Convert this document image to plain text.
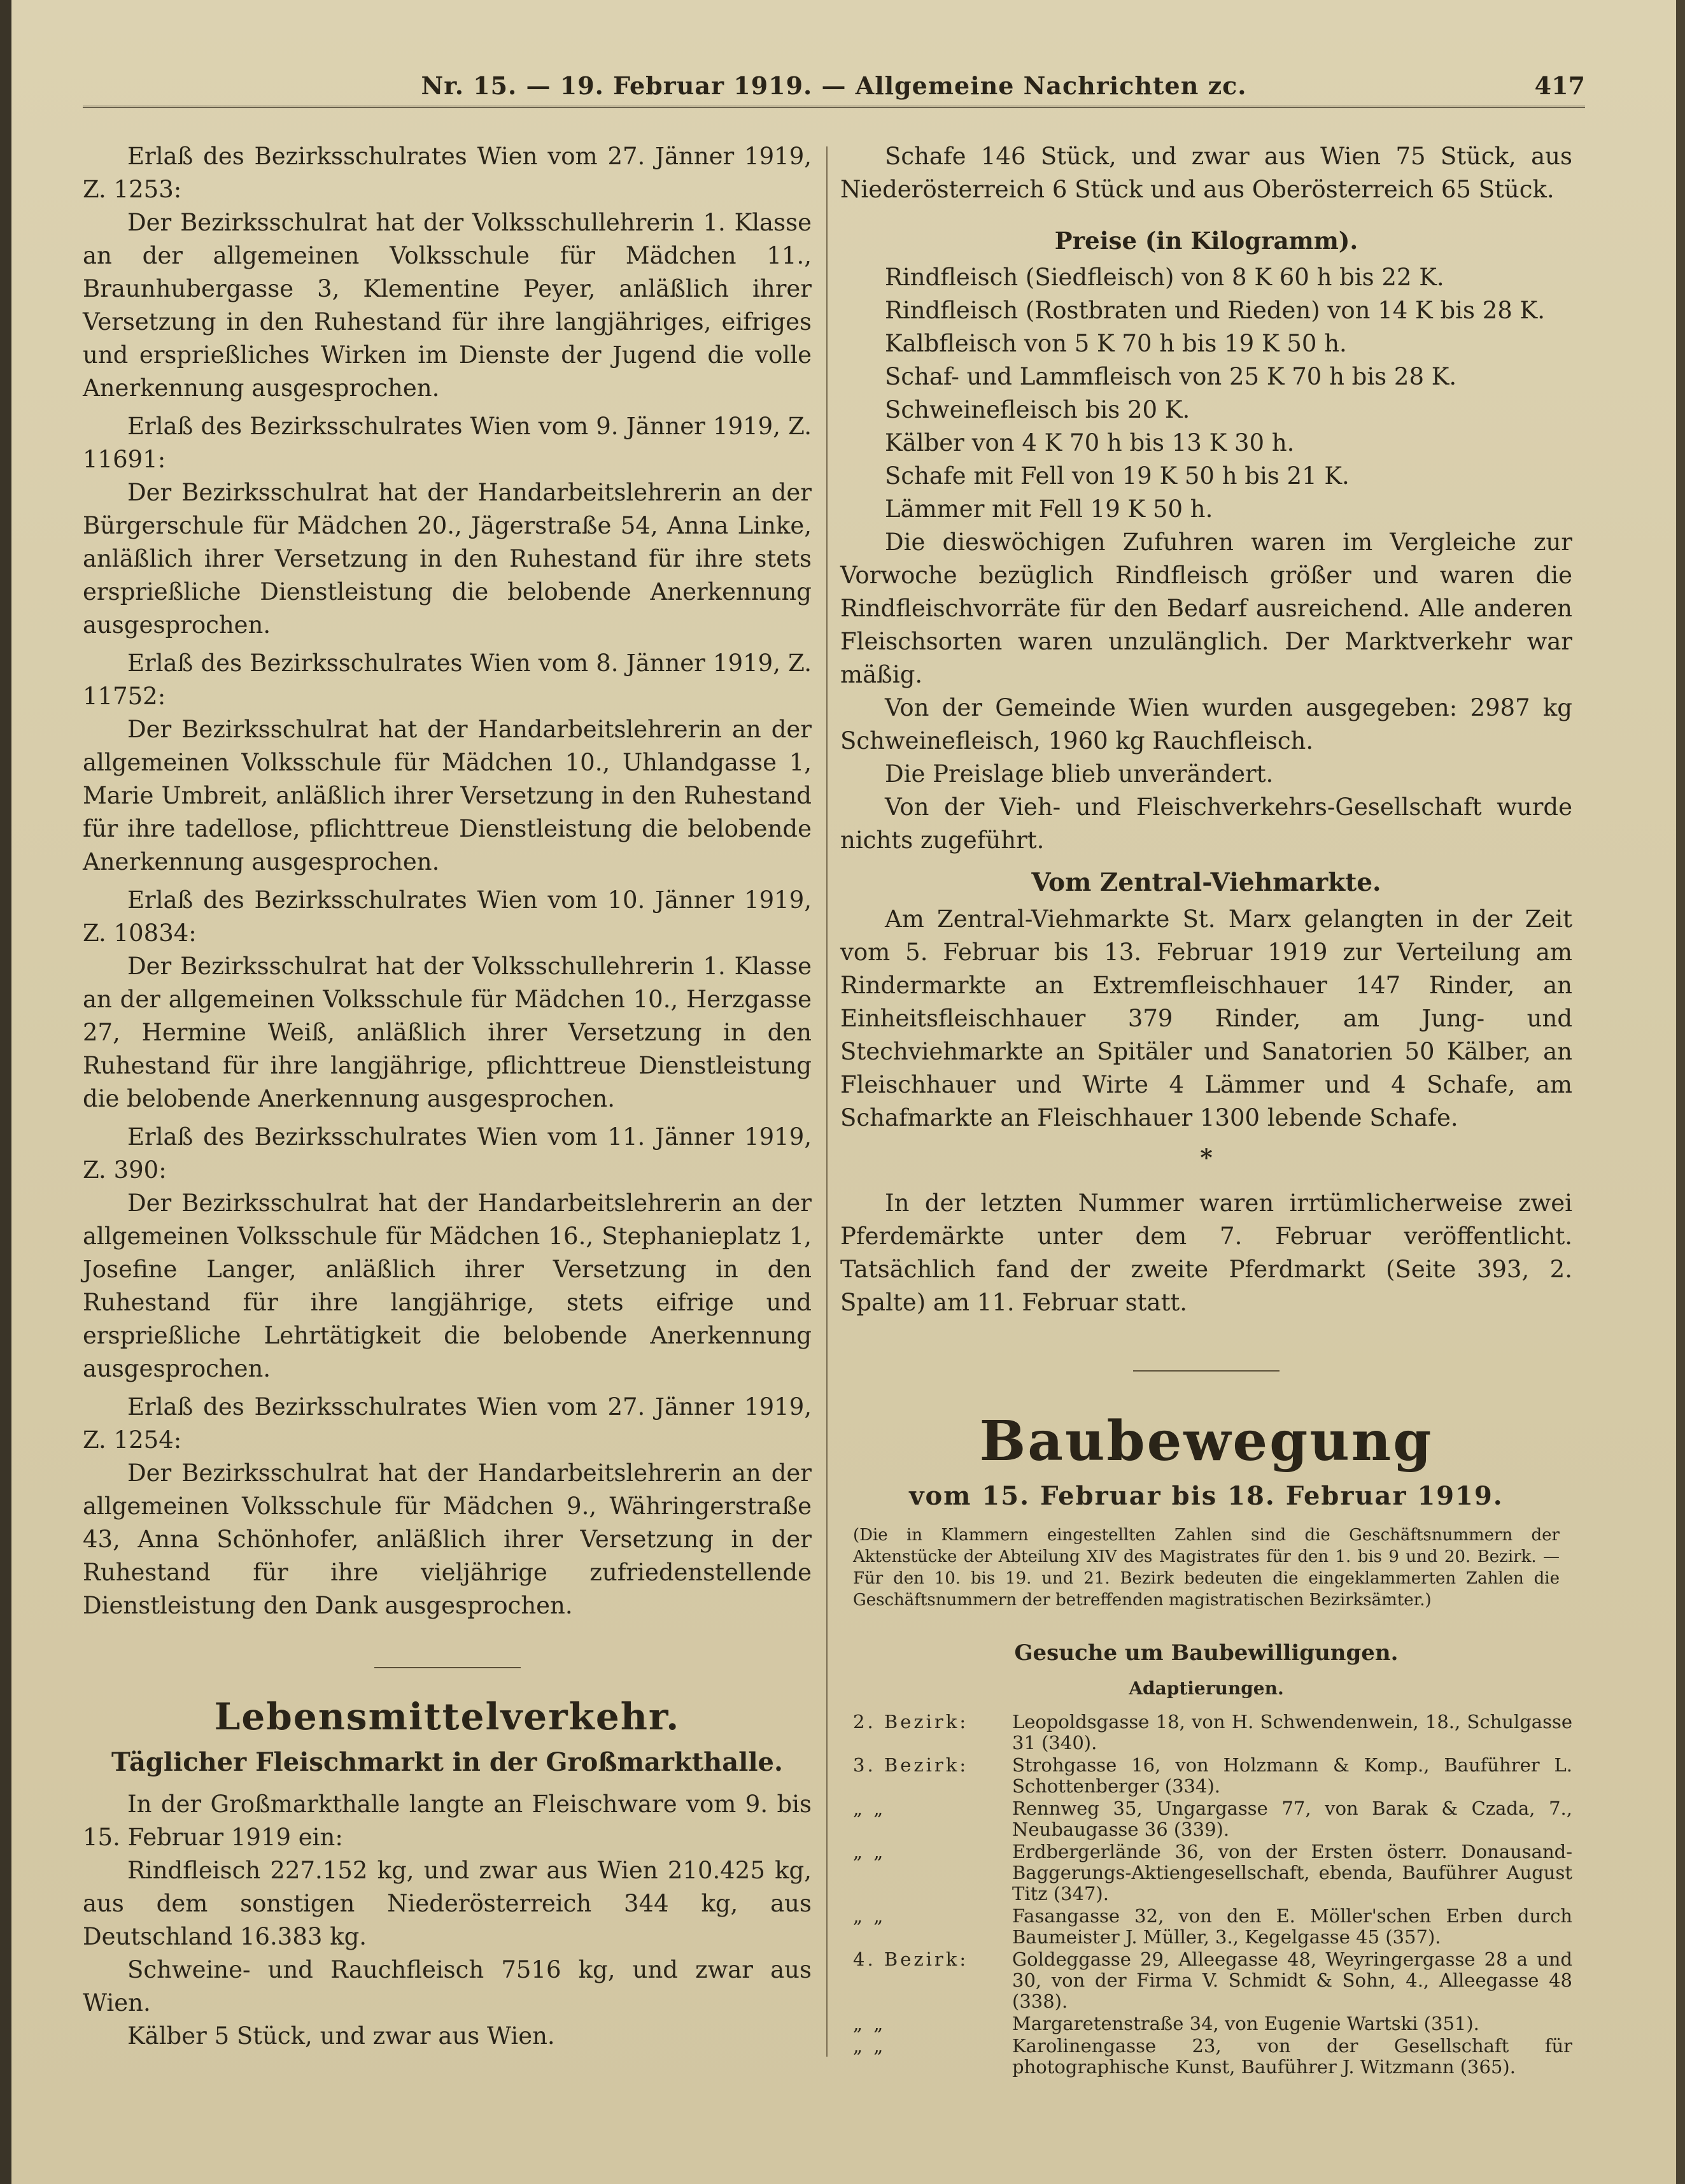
Nr. 15. — 19. Februar 1919. — Allgemeine Nachrichten zc.	417

Erlaß des Bezirksschulrates Wien vom 27. Jänner 1919, Z. 1253:

Der Bezirksschulrat hat der Volksschullehrerin 1. Klasse an der allgemeinen Volksschule für Mädchen 11., Braunhubergasse 3, Klementine Peyer, anläßlich ihrer Versetzung in den Ruhestand für ihre langjähriges, eifriges und ersprießliches Wirken im Dienste der Jugend die volle Anerkennung ausgesprochen.

Erlaß des Bezirksschulrates Wien vom 9. Jänner 1919, Z. 11691:

Der Bezirksschulrat hat der Handarbeitslehrerin an der Bürgerschule für Mädchen 20., Jägerstraße 54, Anna Linke, anläßlich ihrer Versetzung in den Ruhestand für ihre stets ersprießliche Dienstleistung die belobende Anerkennung ausgesprochen.

Erlaß des Bezirksschulrates Wien vom 8. Jänner 1919, Z. 11752:

Der Bezirksschulrat hat der Handarbeitslehrerin an der allgemeinen Volksschule für Mädchen 10., Uhlandgasse 1, Marie Umbreit, anläßlich ihrer Versetzung in den Ruhestand für ihre tadellose, pflichttreue Dienstleistung die belobende Anerkennung ausgesprochen.

Erlaß des Bezirksschulrates Wien vom 10. Jänner 1919, Z. 10834:

Der Bezirksschulrat hat der Volksschullehrerin 1. Klasse an der allgemeinen Volksschule für Mädchen 10., Herzgasse 27, Hermine Weiß, anläßlich ihrer Versetzung in den Ruhestand für ihre langjährige, pflichttreue Dienstleistung die belobende Anerkennung ausgesprochen.

Erlaß des Bezirksschulrates Wien vom 11. Jänner 1919, Z. 390:

Der Bezirksschulrat hat der Handarbeitslehrerin an der allgemeinen Volksschule für Mädchen 16., Stephanieplatz 1, Josefine Langer, anläßlich ihrer Versetzung in den Ruhestand für ihre langjährige, stets eifrige und ersprießliche Lehrtätigkeit die belobende Anerkennung ausgesprochen.

Erlaß des Bezirksschulrates Wien vom 27. Jänner 1919, Z. 1254:

Der Bezirksschulrat hat der Handarbeitslehrerin an der allgemeinen Volksschule für Mädchen 9., Währingerstraße 43, Anna Schönhofer, anläßlich ihrer Versetzung in der Ruhestand für ihre vieljährige zufriedenstellende Dienstleistung den Dank ausgesprochen.

Lebensmittelverkehr.
Täglicher Fleischmarkt in der Großmarkthalle.

In der Großmarkthalle langte an Fleischware vom 9. bis 15. Februar 1919 ein:

Rindfleisch 227.152 kg, und zwar aus Wien 210.425 kg, aus dem sonstigen Niederösterreich 344 kg, aus Deutschland 16.383 kg.

Schweine- und Rauchfleisch 7516 kg, und zwar aus Wien.

Kälber 5 Stück, und zwar aus Wien.

Schafe 146 Stück, und zwar aus Wien 75 Stück, aus Niederösterreich 6 Stück und aus Oberösterreich 65 Stück.

Preise (in Kilogramm).

Rindfleisch (Siedfleisch) von 8 K 60 h bis 22 K.

Rindfleisch (Rostbraten und Rieden) von 14 K bis 28 K.

Kalbfleisch von 5 K 70 h bis 19 K 50 h.

Schaf- und Lammfleisch von 25 K 70 h bis 28 K.

Schweinefleisch bis 20 K.

Kälber von 4 K 70 h bis 13 K 30 h.

Schafe mit Fell von 19 K 50 h bis 21 K.

Lämmer mit Fell 19 K 50 h.

Die dieswöchigen Zufuhren waren im Vergleiche zur Vorwoche bezüglich Rindfleisch größer und waren die Rindfleischvorräte für den Bedarf ausreichend. Alle anderen Fleischsorten waren unzulänglich. Der Marktverkehr war mäßig.

Von der Gemeinde Wien wurden ausgegeben: 2987 kg Schweinefleisch, 1960 kg Rauchfleisch.

Die Preislage blieb unverändert.

Von der Vieh- und Fleischverkehrs-Gesellschaft wurde nichts zugeführt.

Vom Zentral-Viehmarkte.

Am Zentral-Viehmarkte St. Marx gelangten in der Zeit vom 5. Februar bis 13. Februar 1919 zur Verteilung am Rindermarkte an Extremfleischhauer 147 Rinder, an Einheitsfleischhauer 379 Rinder, am Jung- und Stechviehmarkte an Spitäler und Sanatorien 50 Kälber, an Fleischhauer und Wirte 4 Lämmer und 4 Schafe, am Schafmarkte an Fleischhauer 1300 lebende Schafe.

*

In der letzten Nummer waren irrtümlicherweise zwei Pferdemärkte unter dem 7. Februar veröffentlicht. Tatsächlich fand der zweite Pferdmarkt (Seite 393, 2. Spalte) am 11. Februar statt.

Baubewegung
vom 15. Februar bis 18. Februar 1919.
(Die in Klammern eingestellten Zahlen sind die Geschäftsnummern der Aktenstücke der Abteilung XIV des Magistrates für den 1. bis 9 und 20. Bezirk. — Für den 10. bis 19. und 21. Bezirk bedeuten die eingeklammerten Zahlen die Geschäftsnummern der betreffenden magistratischen Bezirksämter.)
Gesuche um Baubewilligungen.
Adaptierungen.
2. Bezirk:	Leopoldsgasse 18, von H. Schwendenwein, 18., Schulgasse 31 (340).
3. Bezirk:	Strohgasse 16, von Holzmann & Komp., Bauführer L. Schottenberger (334).
„ „	Rennweg 35, Ungargasse 77, von Barak & Czada, 7., Neubaugasse 36 (339).
„ „	Erdbergerlände 36, von der Ersten österr. Donausand-Baggerungs-Aktiengesellschaft, ebenda, Bauführer August Titz (347).
„ „	Fasangasse 32, von den E. Möller'schen Erben durch Baumeister J. Müller, 3., Kegelgasse 45 (357).
4. Bezirk:	Goldeggasse 29, Alleegasse 48, Weyringergasse 28 a und 30, von der Firma V. Schmidt & Sohn, 4., Alleegasse 48 (338).
„ „	Margaretenstraße 34, von Eugenie Wartski (351).
„ „	Karolinengasse 23, von der Gesellschaft für photographische Kunst, Bauführer J. Witzmann (365).
